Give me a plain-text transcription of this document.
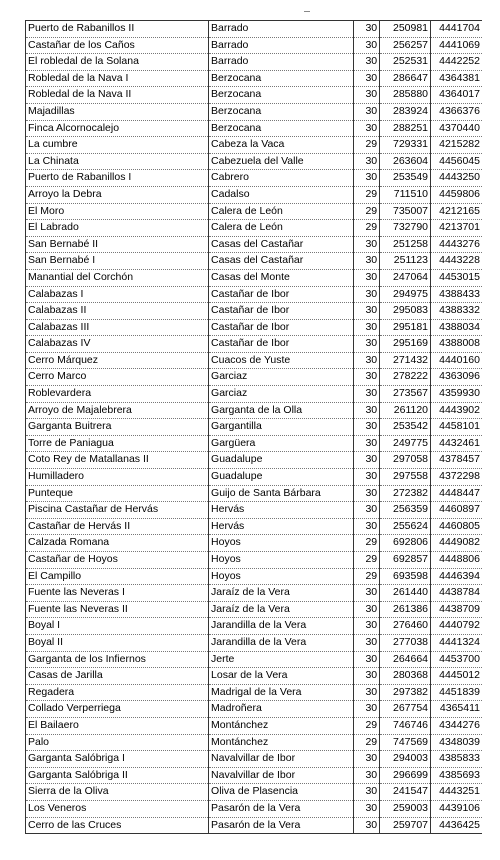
Puerto de Rabanillos II	Barrado	30	250981	4441704
Castañar de los Caños	Barrado	30	256257	4441069
El robledal de la Solana	Barrado	30	252531	4442252
Robledal de la Nava I	Berzocana	30	286647	4364381
Robledal de la Nava II	Berzocana	30	285880	4364017
Majadillas	Berzocana	30	283924	4366376
Finca Alcornocalejo	Berzocana	30	288251	4370440
La cumbre	Cabeza la Vaca	29	729331	4215282
La Chinata	Cabezuela del Valle	30	263604	4456045
Puerto de Rabanillos I	Cabrero	30	253549	4443250
Arroyo la Debra	Cadalso	29	711510	4459806
El Moro	Calera de León	29	735007	4212165
El Labrado	Calera de León	29	732790	4213701
San Bernabé II	Casas del Castañar	30	251258	4443276
San Bernabé I	Casas del Castañar	30	251123	4443228
Manantial del Corchón	Casas del Monte	30	247064	4453015
Calabazas I	Castañar de Ibor	30	294975	4388433
Calabazas II	Castañar de Ibor	30	295083	4388332
Calabazas III	Castañar de Ibor	30	295181	4388034
Calabazas IV	Castañar de Ibor	30	295169	4388008
Cerro Márquez	Cuacos de Yuste	30	271432	4440160
Cerro Marco	Garciaz	30	278222	4363096
Roblevardera	Garciaz	30	273567	4359930
Arroyo de Majalebrera	Garganta de la Olla	30	261120	4443902
Garganta Buitrera	Gargantilla	30	253542	4458101
Torre de Paniagua	Gargüera	30	249775	4432461
Coto Rey de Matallanas II	Guadalupe	30	297058	4378457
Humilladero	Guadalupe	30	297558	4372298
Punteque	Guijo de Santa Bárbara	30	272382	4448447
Piscina Castañar de Hervás	Hervás	30	256359	4460897
Castañar de Hervás II	Hervás	30	255624	4460805
Calzada Romana	Hoyos	29	692806	4449082
Castañar de Hoyos	Hoyos	29	692857	4448806
El Campillo	Hoyos	29	693598	4446394
Fuente las Neveras I	Jaraíz de la Vera	30	261440	4438784
Fuente las Neveras II	Jaraíz de la Vera	30	261386	4438709
Boyal I	Jarandilla de la Vera	30	276460	4440792
Boyal II	Jarandilla de la Vera	30	277038	4441324
Garganta de los Infiernos	Jerte	30	264664	4453700
Casas de Jarilla	Losar de la Vera	30	280368	4445012
Regadera	Madrigal de la Vera	30	297382	4451839
Collado Verperriega	Madroñera	30	267754	4365411
El Bailaero	Montánchez	29	746746	4344276
Palo	Montánchez	29	747569	4348039
Garganta Salóbriga I	Navalvillar de Ibor	30	294003	4385833
Garganta Salóbriga II	Navalvillar de Ibor	30	296699	4385693
Sierra de la Oliva	Oliva de Plasencia	30	241547	4443251
Los Veneros	Pasarón de la Vera	30	259003	4439106
Cerro de las Cruces	Pasarón de la Vera	30	259707	4436425
